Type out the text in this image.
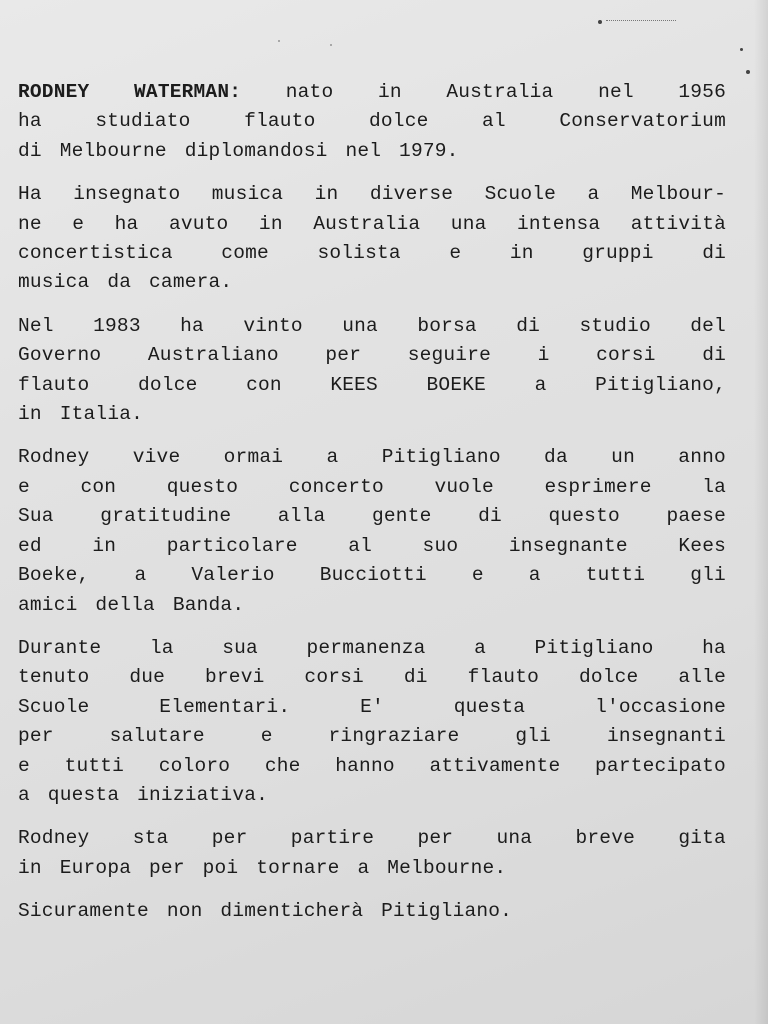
RODNEY WATERMAN: nato in Australia nel 1956
ha	studiato	flauto	dolce	al	Conservatorium
di Melbourne diplomandosi nel 1979.
Ha insegnato musica in diverse Scuole a Melbour-
ne e ha avuto in Australia una intensa attività
concertistica come solista e in gruppi di
musica da camera.
Nel 1983 ha vinto una borsa di studio del
Governo Australiano per seguire i corsi di
flauto dolce con KEES BOEKE a Pitigliano,
in Italia.
Rodney vive ormai a Pitigliano da un anno
e	con	questo	concerto	vuole	esprimere	la
Sua gratitudine alla gente di questo paese
ed	in	particolare	al	suo	insegnante	Kees
Boeke, a Valerio Bucciotti e a tutti gli
amici della Banda.
Durante la sua permanenza a Pitigliano ha
tenuto due brevi corsi di flauto dolce alle
Scuole	Elementari.	E'	questa	l'occasione
per	salutare	e	ringraziare	gli	insegnanti
e tutti coloro che hanno attivamente partecipato
a questa iniziativa.
Rodney sta per partire per una breve gita
in Europa per poi tornare a Melbourne.
Sicuramente non dimenticherà Pitigliano.
